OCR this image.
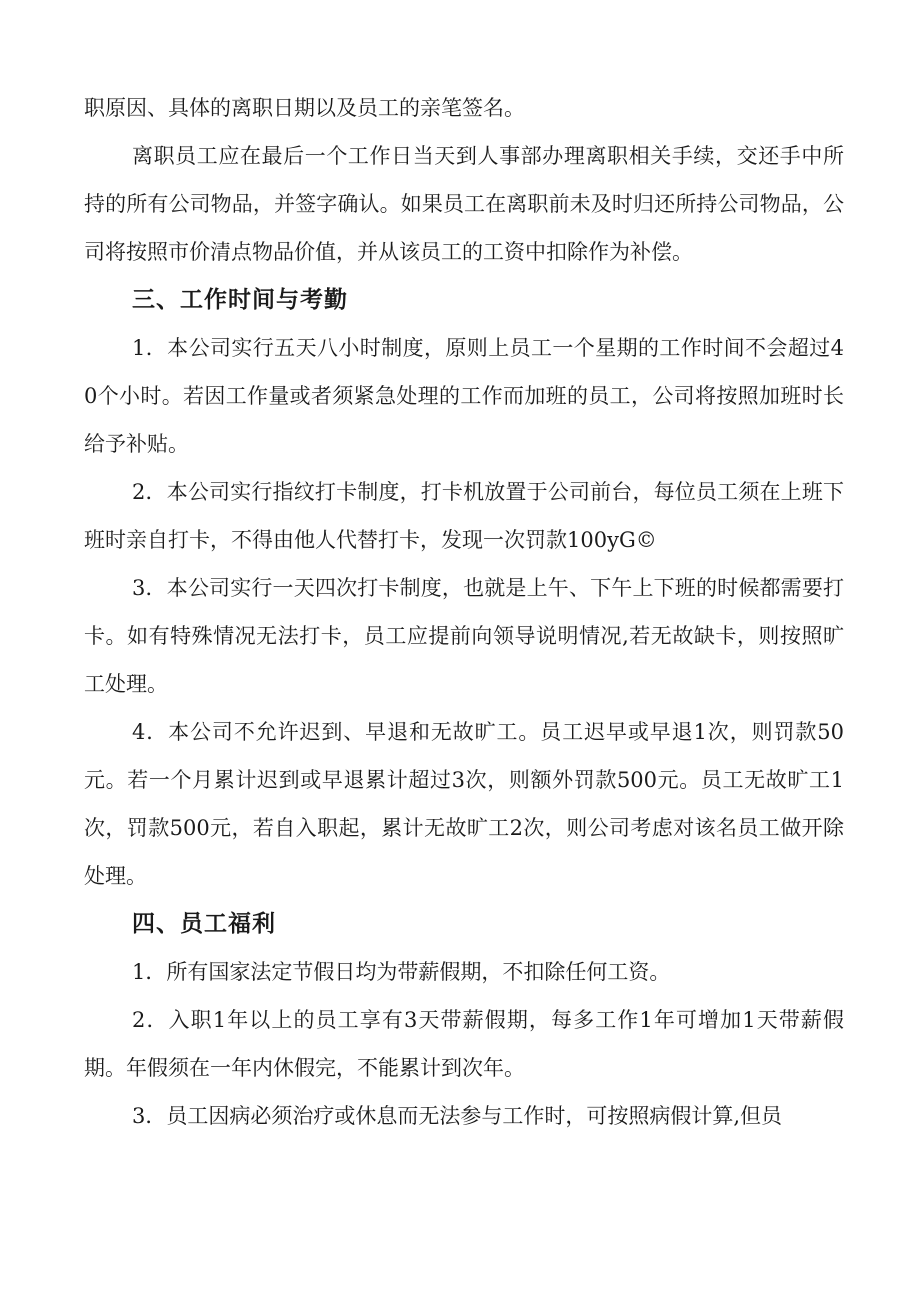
职原因、具体的离职日期以及员工的亲笔签名。

离职员工应在最后一个工作日当天到人事部办理离职相关手续，交还手中所持的所有公司物品，并签字确认。如果员工在离职前未及时归还所持公司物品，公司将按照市价清点物品价值，并从该员工的工资中扣除作为补偿。

三、工作时间与考勤

1．本公司实行五天八小时制度，原则上员工一个星期的工作时间不会超过40个小时。若因工作量或者须紧急处理的工作而加班的员工，公司将按照加班时长给予补贴。

2．本公司实行指纹打卡制度，打卡机放置于公司前台，每位员工须在上班下班时亲自打卡，不得由他人代替打卡，发现一次罚款100yG©

3．本公司实行一天四次打卡制度，也就是上午、下午上下班的时候都需要打卡。如有特殊情况无法打卡，员工应提前向领导说明情况,若无故缺卡，则按照旷工处理。

4．本公司不允许迟到、早退和无故旷工。员工迟早或早退1次，则罚款50元。若一个月累计迟到或早退累计超过3次，则额外罚款500元。员工无故旷工1次，罚款500元，若自入职起，累计无故旷工2次，则公司考虑对该名员工做开除处理。

四、员工福利

1．所有国家法定节假日均为带薪假期，不扣除任何工资。

2．入职1年以上的员工享有3天带薪假期，每多工作1年可增加1天带薪假期。年假须在一年内休假完，不能累计到次年。

3．员工因病必须治疗或休息而无法参与工作时，可按照病假计算,但员
